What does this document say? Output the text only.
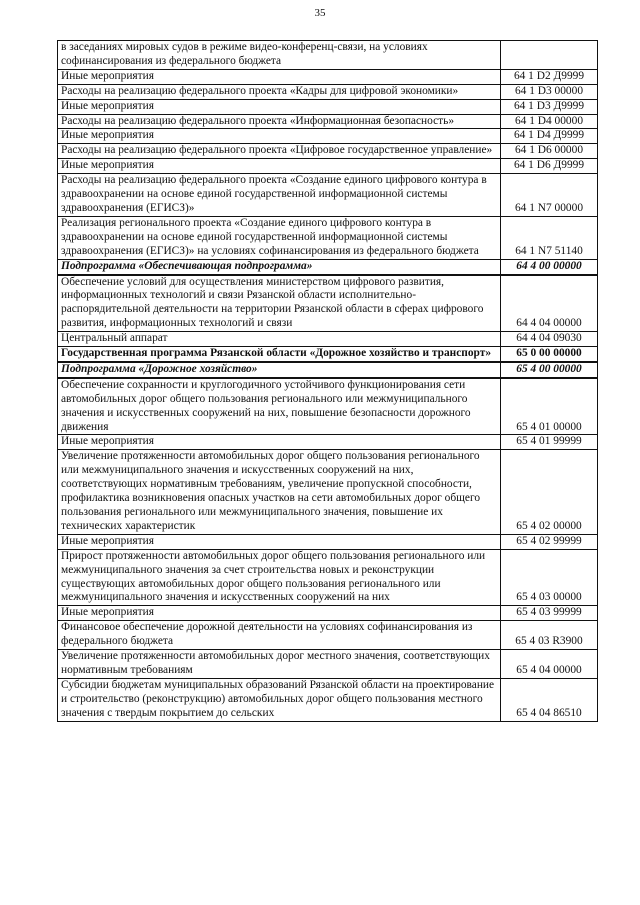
35
в заседаниях мировых судов в режиме видео-конференц-связи, на условиях софинансирования из федерального бюджета	
Иные мероприятия	64 1 D2 Д9999
Расходы на реализацию федерального проекта «Кадры для цифровой экономики»	64 1 D3 00000
Иные мероприятия	64 1 D3 Д9999
Расходы на реализацию федерального проекта «Информационная безопасность»	64 1 D4 00000
Иные мероприятия	64 1 D4 Д9999
Расходы на реализацию федерального проекта «Цифровое государственное управление»	64 1 D6 00000
Иные мероприятия	64 1 D6 Д9999
Расходы на реализацию федерального проекта «Создание единого цифрового контура в здравоохранении на основе единой государственной информационной системы здравоохранения (ЕГИСЗ)»	64 1 N7 00000
Реализация регионального проекта «Создание единого цифрового контура в здравоохранении на основе единой государственной информационной системы здравоохранения (ЕГИСЗ)» на условиях софинансирования из федерального бюджета	64 1 N7 51140
Подпрограмма «Обеспечивающая подпрограмма»	64 4 00 00000
Обеспечение условий для осуществления министерством цифрового развития, информационных технологий и связи Рязанской области исполнительно-распорядительной деятельности на территории Рязанской области в сферах цифрового развития, информационных технологий и связи	64 4 04 00000
Центральный аппарат	64 4 04 09030
Государственная программа Рязанской области «Дорожное хозяйство и транспорт»	65 0 00 00000
Подпрограмма «Дорожное хозяйство»	65 4 00 00000
Обеспечение сохранности и круглогодичного устойчивого функционирования сети автомобильных дорог общего пользования регионального или межмуниципального значения и искусственных сооружений на них, повышение безопасности дорожного движения	65 4 01 00000
Иные мероприятия	65 4 01 99999
Увеличение протяженности автомобильных дорог общего пользования регионального или межмуниципального значения и искусственных сооружений на них, соответствующих нормативным требованиям, увеличение пропускной способности, профилактика возникновения опасных участков на сети автомобильных дорог общего пользования регионального или межмуниципального значения, повышение их технических характеристик	65 4 02 00000
Иные мероприятия	65 4 02 99999
Прирост протяженности автомобильных дорог общего пользования регионального или межмуниципального значения за счет строительства новых и реконструкции существующих автомобильных дорог общего пользования регионального или межмуниципального значения и искусственных сооружений на них	65 4 03 00000
Иные мероприятия	65 4 03 99999
Финансовое обеспечение дорожной деятельности на условиях софинансирования из федерального бюджета	65 4 03 R3900
Увеличение протяженности автомобильных дорог местного значения, соответствующих нормативным требованиям	65 4 04 00000
Субсидии бюджетам муниципальных образований Рязанской области на проектирование и строительство (реконструкцию) автомобильных дорог общего пользования местного значения с твердым покрытием до сельских	65 4 04 86510
